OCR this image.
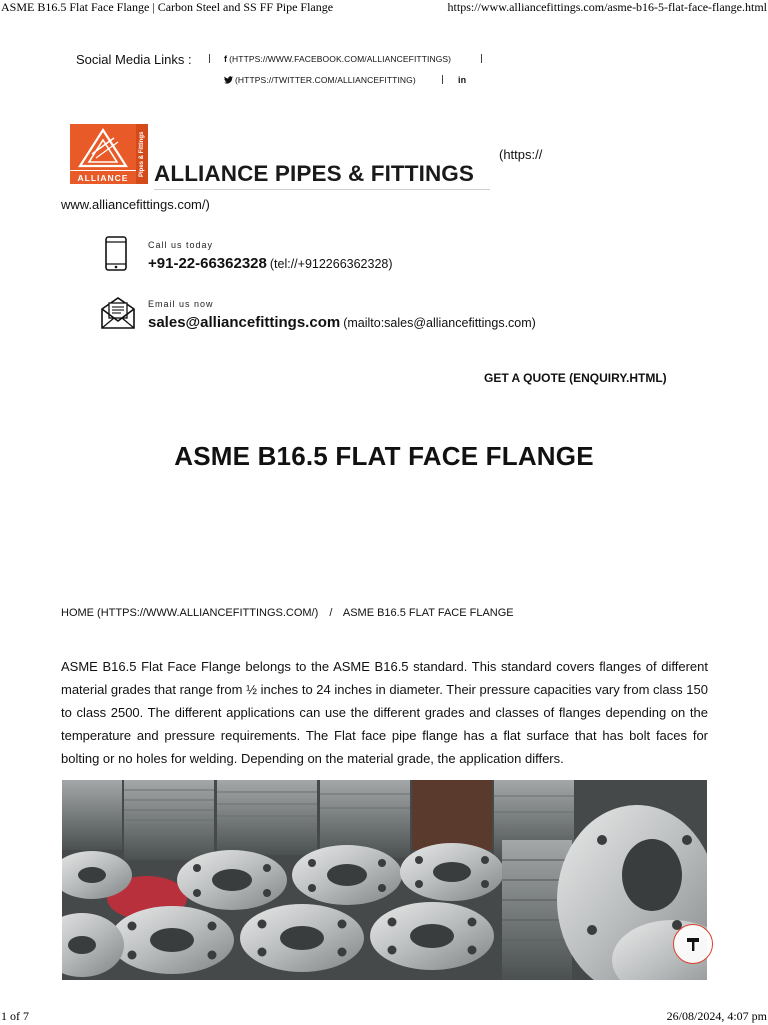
ASME B16.5 Flat Face Flange | Carbon Steel and SS FF Pipe Flange	https://www.alliancefittings.com/asme-b16-5-flat-face-flange.html
Social Media Links :	f (HTTPS://WWW.FACEBOOK.COM/ALLIANCEFITTINGS)
(HTTPS://TWITTER.COM/ALLIANCEFITTING)	in
ALLIANCE
Pipes & Fittings ALLIANCE PIPES & FITTINGS
(https://
www.alliancefittings.com/)
Call us today
+91-22-66362328 (tel://+912266362328)
Email us now
sales@alliancefittings.com (mailto:sales@alliancefittings.com)
GET A QUOTE (ENQUIRY.HTML)
ASME B16.5 FLAT FACE FLANGE
HOME (HTTPS://WWW.ALLIANCEFITTINGS.COM/) / ASME B16.5 FLAT FACE FLANGE

ASME B16.5 Flat Face Flange belongs to the ASME B16.5 standard. This standard covers flanges of different material grades that range from ½ inches to 24 inches in diameter. Their pressure capacities vary from class 150 to class 2500. The different applications can use the different grades and classes of flanges depending on the temperature and pressure requirements. The Flat face pipe flange has a flat surface that has bolt faces for bolting or no holes for welding. Depending on the material grade, the application differs.

1 of 7	26/08/2024, 4:07 pm
